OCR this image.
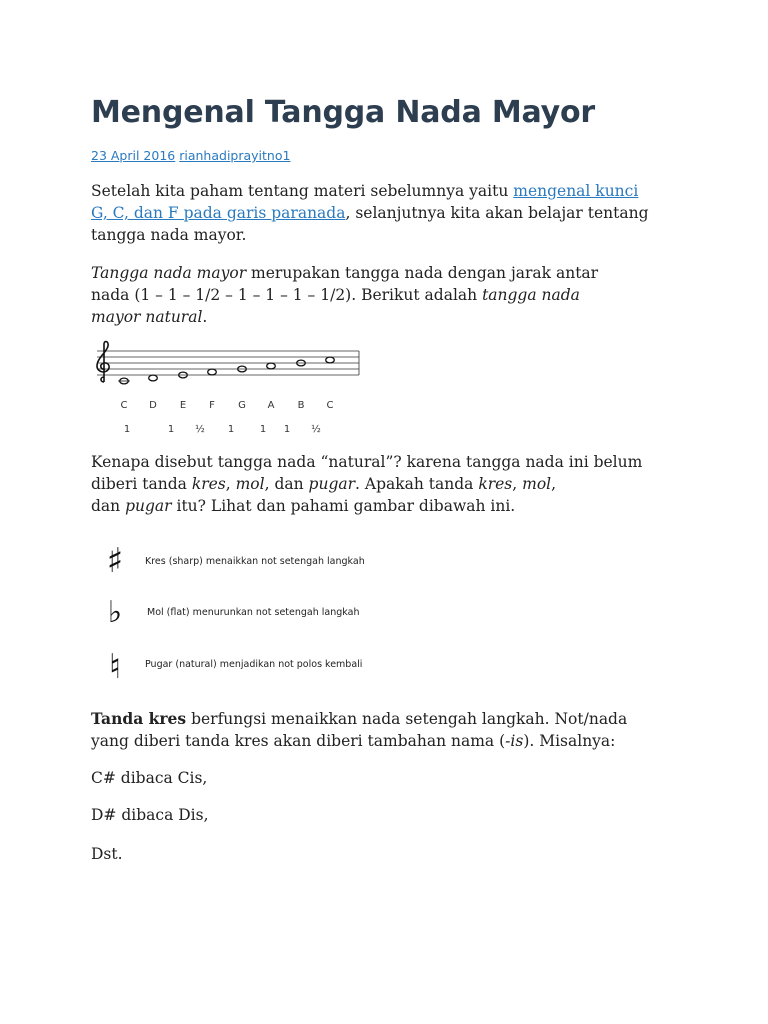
Mengenal Tangga Nada Mayor
23 April 2016 rianhadiprayitno1

Setelah kita paham tentang materi sebelumnya yaitu mengenal kunci
G, C, dan F pada garis paranada, selanjutnya kita akan belajar tentang
tangga nada mayor.

Tangga nada mayor merupakan tangga nada dengan jarak antar
nada (1 – 1 – 1/2 – 1 – 1 – 1 – 1/2). Berikut adalah tangga nada
mayor natural.

C D E F G A B C
1	1 ½ 1	1 1 ½

Kenapa disebut tangga nada “natural”? karena tangga nada ini belum
diberi tanda kres, mol, dan pugar. Apakah tanda kres, mol,
dan pugar itu? Lihat dan pahami gambar dibawah ini.

♯ Kres (sharp) menaikkan not setengah langkah
♭	Mol (flat) menurunkan not setengah langkah
♮	Pugar (natural) menjadikan not polos kembali

Tanda kres berfungsi menaikkan nada setengah langkah. Not/nada
yang diberi tanda kres akan diberi tambahan nama (-is). Misalnya:

C# dibaca Cis,

D# dibaca Dis,

Dst.
